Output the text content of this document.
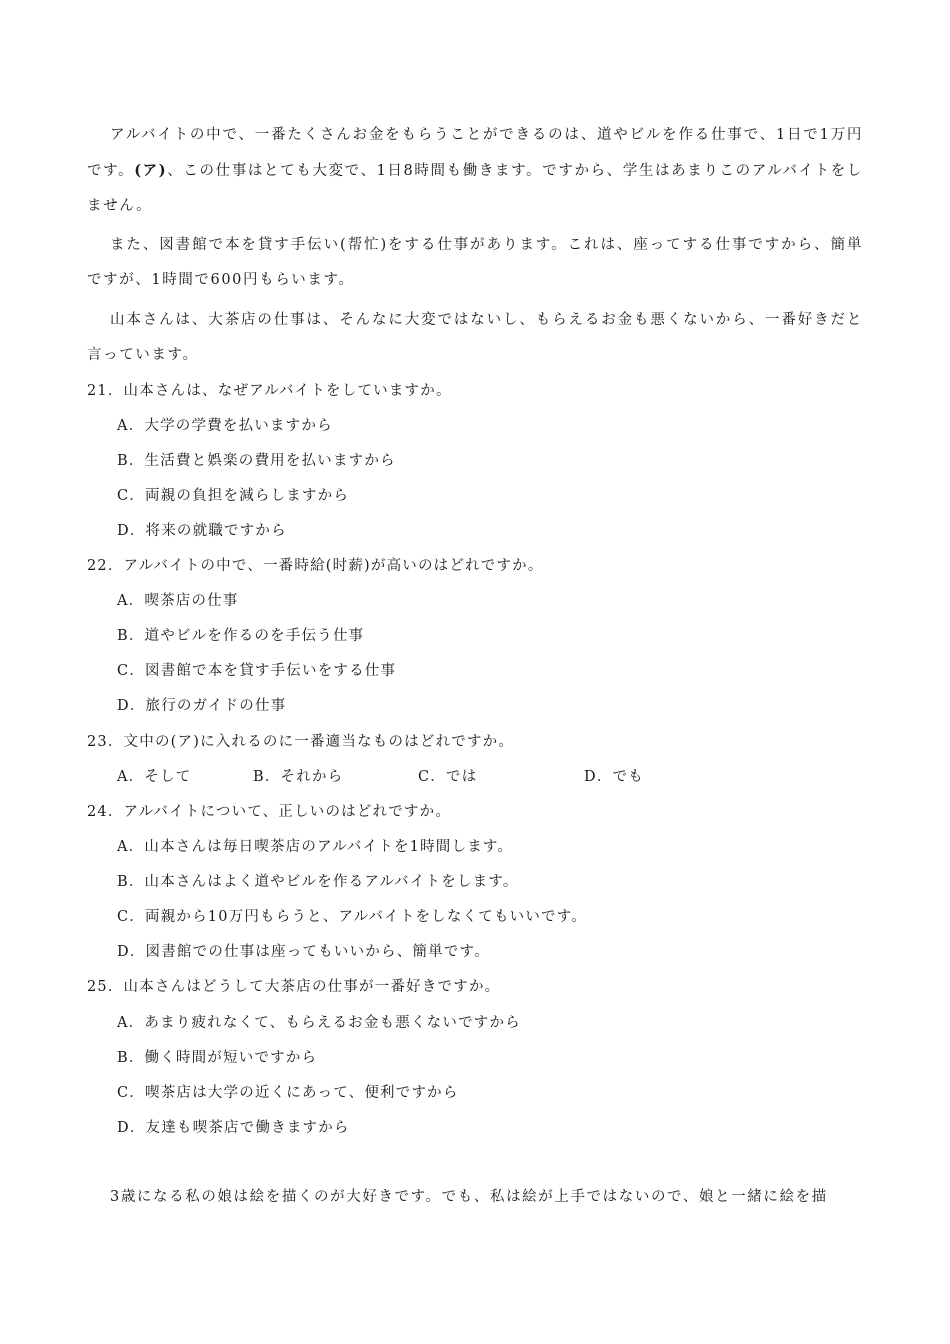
アルバイトの中で、一番たくさんお金をもらうことができるのは、道やビルを作る仕事で、1日で1万円です。(ア)、この仕事はとても大変で、1日8時間も働きます。ですから、学生はあまりこのアルバイトをしません。

また、図書館で本を貸す手伝い(帮忙)をする仕事があります。これは、座ってする仕事ですから、簡単ですが、1時間で600円もらいます。

山本さんは、大茶店の仕事は、そんなに大変ではないし、もらえるお金も悪くないから、一番好きだと言っています。

21．山本さんは、なぜアルバイトをしていますか。
A．大学の学費を払いますから
B．生活費と娯楽の費用を払いますから
C．両親の負担を減らしますから
D．将来の就職ですから
22．アルバイトの中で、一番時給(时薪)が高いのはどれですか。
A．喫茶店の仕事
B．道やビルを作るのを手伝う仕事
C．図書館で本を貸す手伝いをする仕事
D．旅行のガイドの仕事
23．文中の(ア)に入れるのに一番適当なものはどれですか。
A．そして	B．それから	C．では	D．でも
24．アルバイトについて、正しいのはどれですか。
A．山本さんは毎日喫茶店のアルバイトを1時間します。
B．山本さんはよく道やビルを作るアルバイトをします。
C．両親から10万円もらうと、アルバイトをしなくてもいいです。
D．図書館での仕事は座ってもいいから、簡単です。
25．山本さんはどうして大茶店の仕事が一番好きですか。
A．あまり疲れなくて、もらえるお金も悪くないですから
B．働く時間が短いですから
C．喫茶店は大学の近くにあって、便利ですから
D．友達も喫茶店で働きますから

3歳になる私の娘は絵を描くのが大好きです。でも、私は絵が上手ではないので、娘と一緒に絵を描
